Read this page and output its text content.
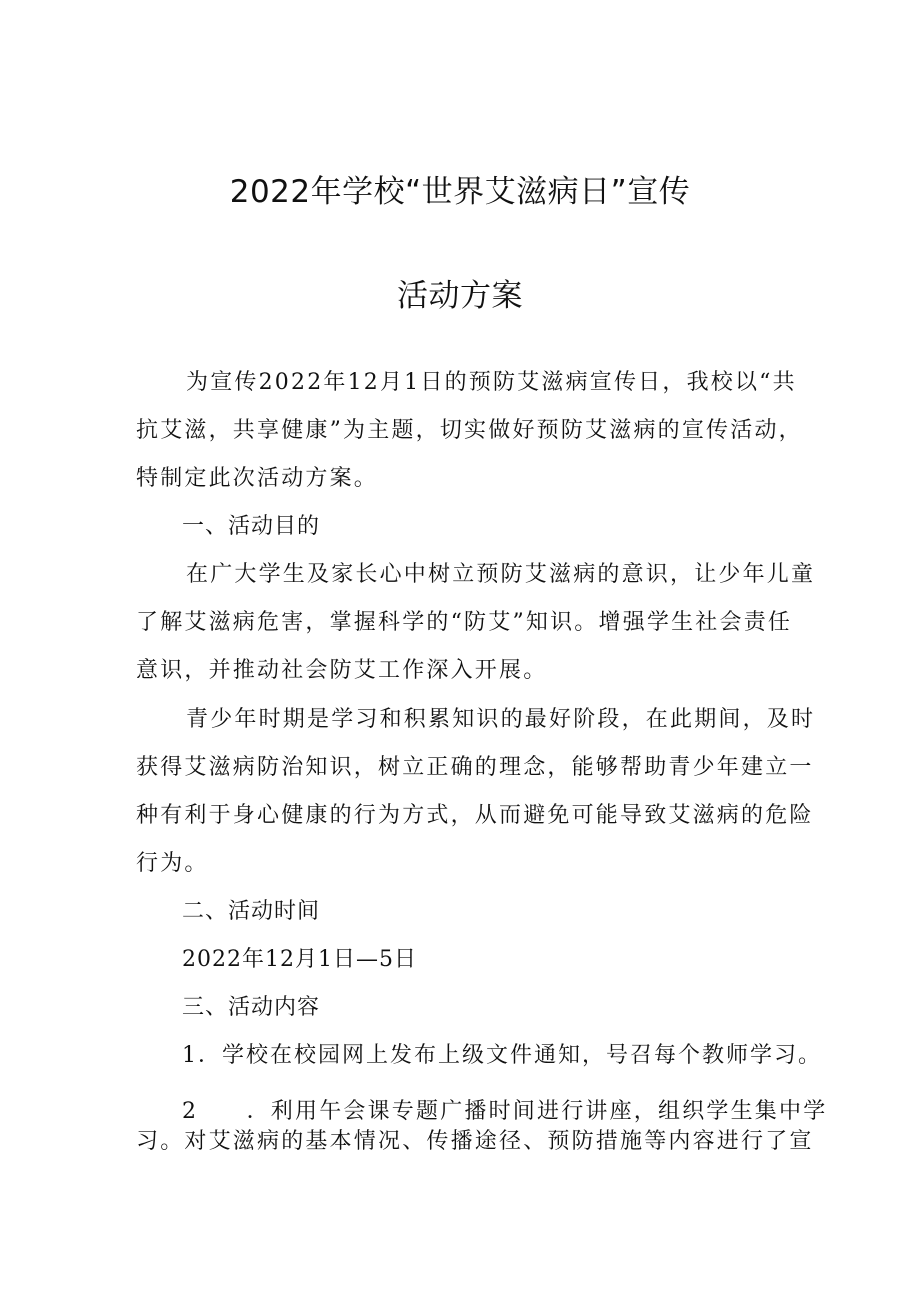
2022年学校“世界艾滋病日”宣传
活动方案
为宣传2022年12月1日的预防艾滋病宣传日，我校以“共
抗艾滋，共享健康”为主题，切实做好预防艾滋病的宣传活动，
特制定此次活动方案。
一、活动目的
在广大学生及家长心中树立预防艾滋病的意识，让少年儿童
了解艾滋病危害，掌握科学的“防艾”知识。增强学生社会责任
意识，并推动社会防艾工作深入开展。
青少年时期是学习和积累知识的最好阶段，在此期间，及时
获得艾滋病防治知识，树立正确的理念，能够帮助青少年建立一
种有利于身心健康的行为方式，从而避免可能导致艾滋病的危险
行为。
二、活动时间
2022年12月1日—5日
三、活动内容
1．学校在校园网上发布上级文件通知，号召每个教师学习。
2　　．利用午会课专题广播时间进行讲座，组织学生集中学
习。对艾滋病的基本情况、传播途径、预防措施等内容进行了宣
